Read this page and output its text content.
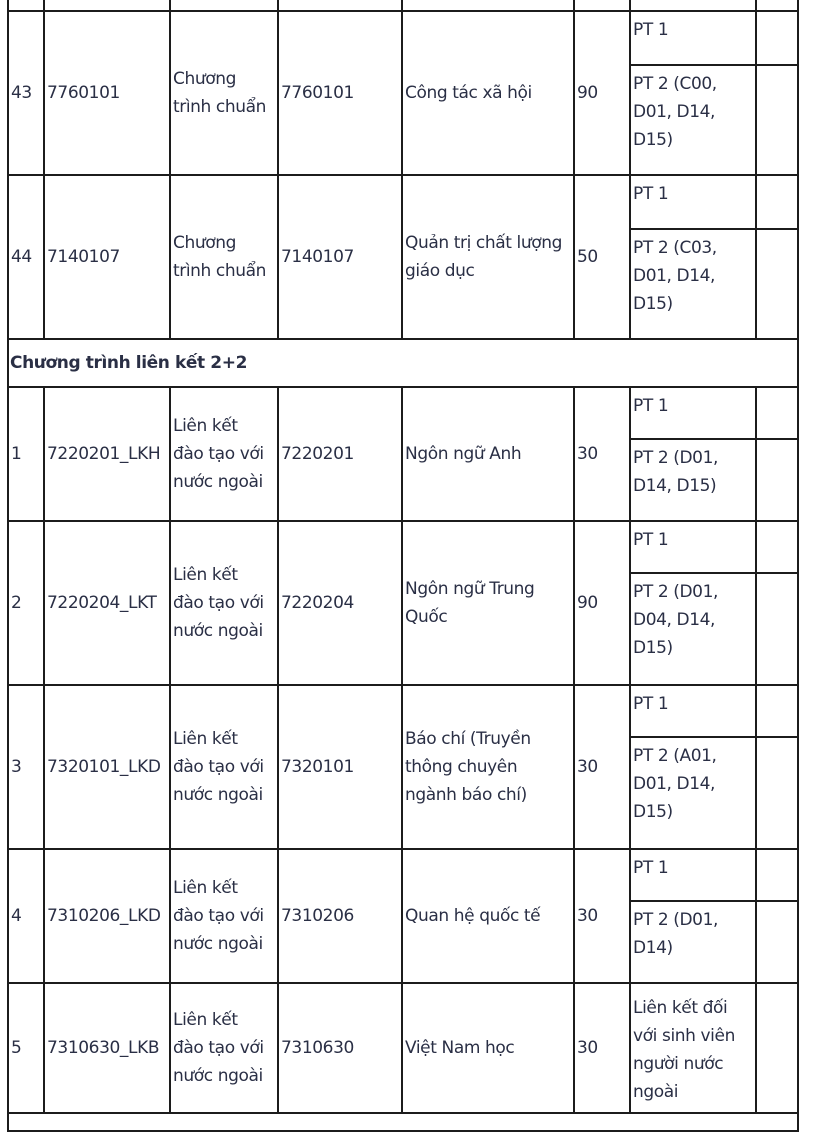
43	7760101	Chương
trình chuẩn	7760101	Công tác xã hội	90	PT 1	
						PT 2 (C00,
D01, D14,
D15)	
44	7140107	Chương
trình chuẩn	7140107	Quản trị chất lượng
giáo dục	50	PT 1	
						PT 2 (C03,
D01, D14,
D15)	
Chương trình liên kết 2+2							
1	7220201_LKH	Liên kết
đào tạo với
nước ngoài	7220201	Ngôn ngữ Anh	30	PT 1	
						PT 2 (D01,
D14, D15)	
2	7220204_LKT	Liên kết
đào tạo với
nước ngoài	7220204	Ngôn ngữ Trung
Quốc	90	PT 1	
						PT 2 (D01,
D04, D14,
D15)	
3	7320101_LKD	Liên kết
đào tạo với
nước ngoài	7320101	Báo chí (Truyền
thông chuyên
ngành báo chí)	30	PT 1	
						PT 2 (A01,
D01, D14,
D15)	
4	7310206_LKD	Liên kết
đào tạo với
nước ngoài	7310206	Quan hệ quốc tế	30	PT 1	
						PT 2 (D01,
D14)	
5	7310630_LKB	Liên kết
đào tạo với
nước ngoài	7310630	Việt Nam học	30	Liên kết đối
với sinh viên
người nước
ngoài	
